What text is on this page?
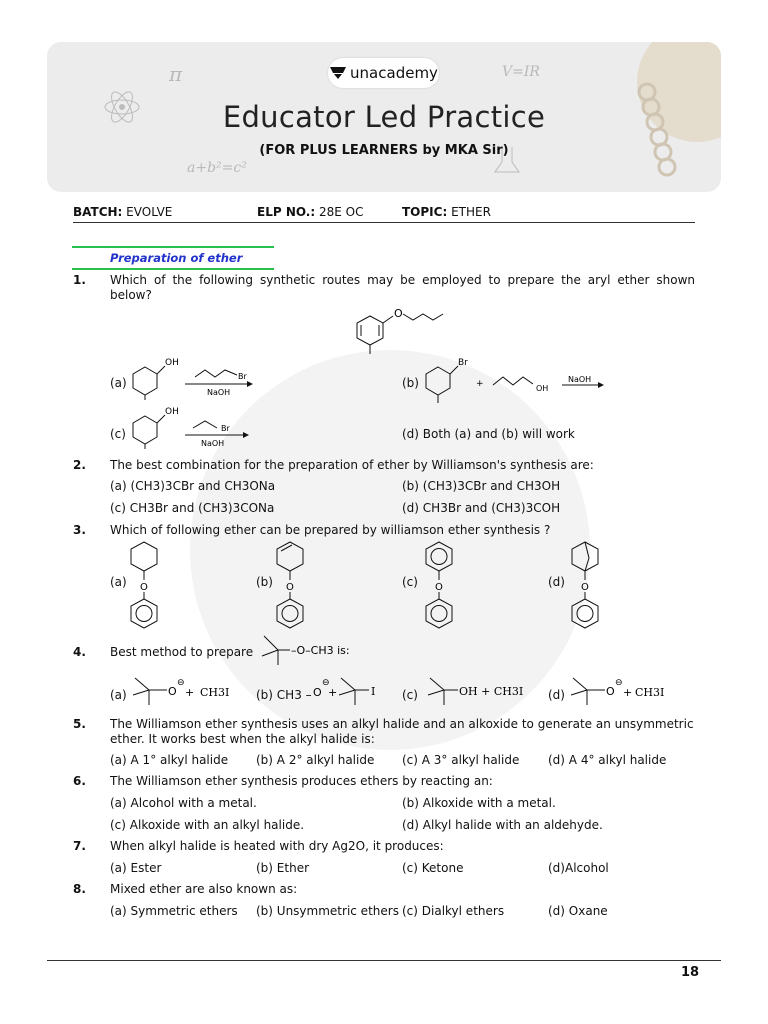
π
a+b²=c²
V=IR
unacademy
Educator Led Practice
(FOR PLUS LEARNERS by MKA Sir)
BATCH: EVOLVE	ELP NO.: 28E OC	TOPIC: ETHER
Preparation of ether
1. Which of the following synthetic routes may be employed to prepare the aryl ether shown below?
O
(a)
OH
Br
NaOH
(b)
Br
+	OH
NaOH
(c)
OH
Br
NaOH
(d) Both (a) and (b) will work
2. The best combination for the preparation of ether by Williamson's synthesis are:
(a) (CH3)3CBr and CH3ONa	(b) (CH3)3CBr and CH3OH
(c) CH3Br and (CH3)3CONa	(d) CH3Br and (CH3)3COH
3. Which of following ether can be prepared by williamson ether synthesis ?
(a) O	(b) O	(c) O	(d) O
4. Best method to prepare	–O–CH3 is:
(a)	O
⊖
+ CH3I (b) CH3 – O
⊖
+	I (c)	OH + CH3I (d)	O
⊖
+ CH3I
5. The Williamson ether synthesis uses an alkyl halide and an alkoxide to generate an unsymmetric ether. It works best when the alkyl halide is:
(a) A 1° alkyl halide (b) A 2° alkyl halide (c) A 3° alkyl halide (d) A 4° alkyl halide
6. The Williamson ether synthesis produces ethers by reacting an:
(a) Alcohol with a metal.	(b) Alkoxide with a metal.
(c) Alkoxide with an alkyl halide.	(d) Alkyl halide with an aldehyde.
7. When alkyl halide is heated with dry Ag2O, it produces:
(a) Ester	(b) Ether	(c) Ketone	(d)Alcohol
8. Mixed ether are also known as:
(a) Symmetric ethers (b) Unsymmetric ethers (c) Dialkyl ethers	(d) Oxane
18
